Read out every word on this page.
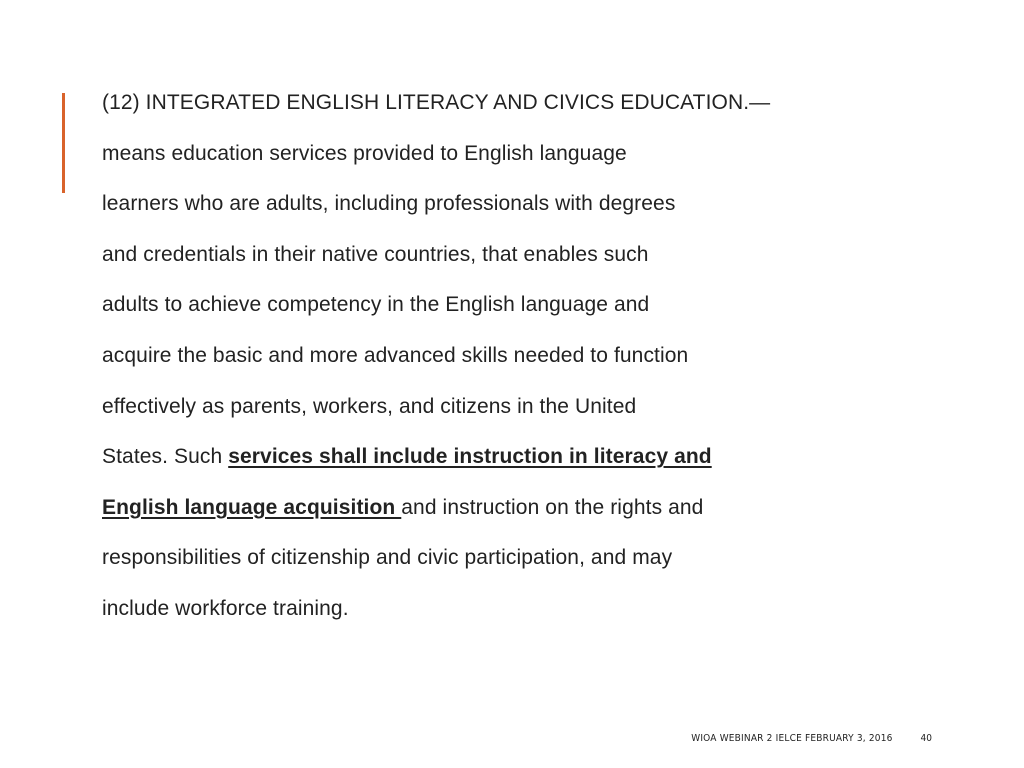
(12) INTEGRATED ENGLISH LITERACY AND CIVICS EDUCATION.—
means education services provided to English language
learners who are adults, including professionals with degrees
and credentials in their native countries, that enables such
adults to achieve competency in the English language and
acquire the basic and more advanced skills needed to function
effectively as parents, workers, and citizens in the United
States. Such services shall include instruction in literacy and
English language acquisition and instruction on the rights and
responsibilities of citizenship and civic participation, and may
include workforce training.
WIOA WEBINAR 2 IELCE FEBRUARY 3, 2016	40
